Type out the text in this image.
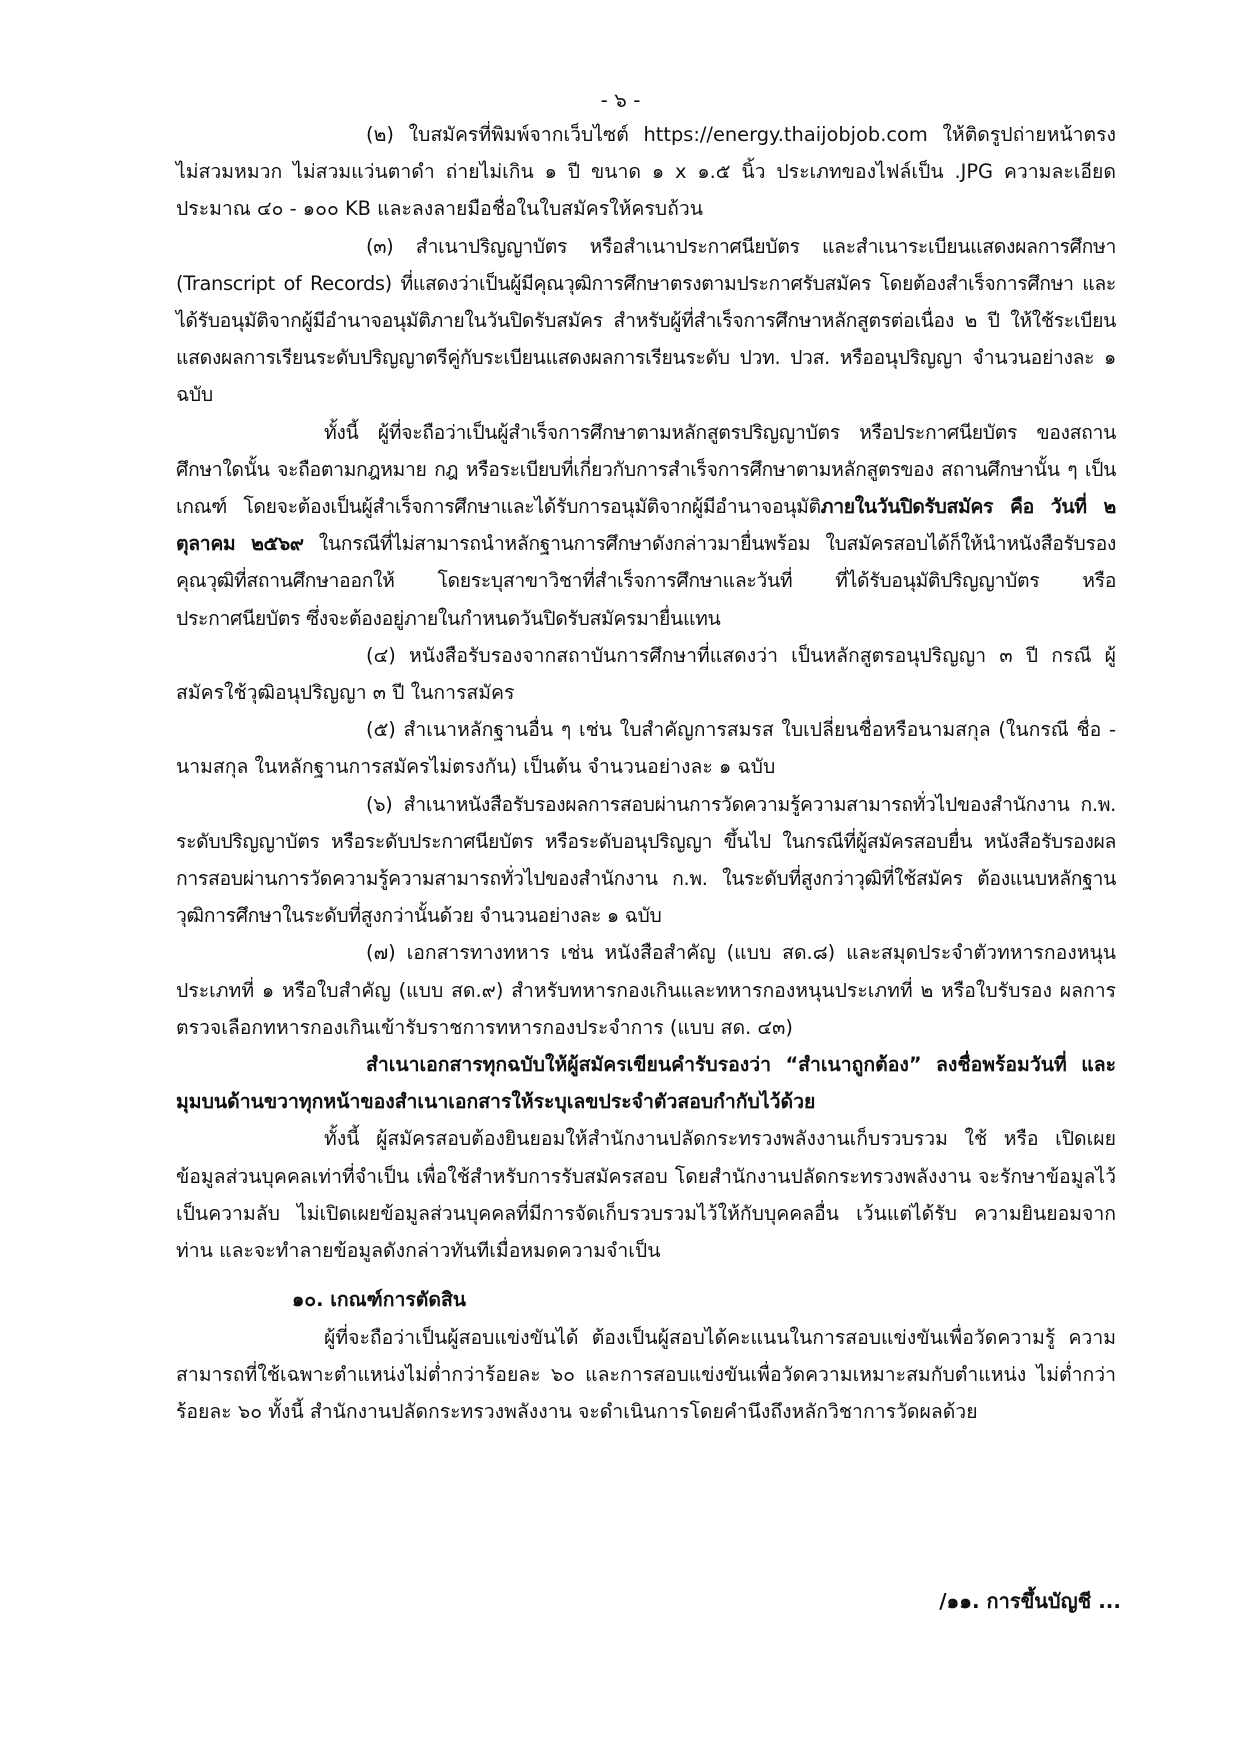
- ๖ -

(๒) ใบสมัครที่พิมพ์จากเว็บไซต์ https://energy.thaijobjob.com ให้ติดรูปถ่ายหน้าตรง ไม่สวมหมวก ไม่สวมแว่นตาดำ ถ่ายไม่เกิน ๑ ปี ขนาด ๑ x ๑.๕ นิ้ว ประเภทของไฟล์เป็น .JPG ความละเอียด ประมาณ ๔๐ - ๑๐๐ KB และลงลายมือชื่อในใบสมัครให้ครบถ้วน

(๓) สำเนาปริญญาบัตร หรือสำเนาประกาศนียบัตร และสำเนาระเบียนแสดงผลการศึกษา (Transcript of Records) ที่แสดงว่าเป็นผู้มีคุณวุฒิการศึกษาตรงตามประกาศรับสมัคร โดยต้องสำเร็จการศึกษา และได้รับอนุมัติจากผู้มีอำนาจอนุมัติภายในวันปิดรับสมัคร สำหรับผู้ที่สำเร็จการศึกษาหลักสูตรต่อเนื่อง ๒ ปี ให้ใช้ระเบียนแสดงผลการเรียนระดับปริญญาตรีคู่กับระเบียนแสดงผลการเรียนระดับ ปวท. ปวส. หรืออนุปริญญา จำนวนอย่างละ ๑ ฉบับ

ทั้งนี้ ผู้ที่จะถือว่าเป็นผู้สำเร็จการศึกษาตามหลักสูตรปริญญาบัตร หรือประกาศนียบัตร ของสถานศึกษาใดนั้น จะถือตามกฎหมาย กฎ หรือระเบียบที่เกี่ยวกับการสำเร็จการศึกษาตามหลักสูตรของ สถานศึกษานั้น ๆ เป็นเกณฑ์ โดยจะต้องเป็นผู้สำเร็จการศึกษาและได้รับการอนุมัติจากผู้มีอำนาจอนุมัติภายในวันปิดรับสมัคร คือ วันที่ ๒ ตุลาคม ๒๕๖๙ ในกรณีที่ไม่สามารถนำหลักฐานการศึกษาดังกล่าวมายื่นพร้อม ใบสมัครสอบได้ก็ให้นำหนังสือรับรองคุณวุฒิที่สถานศึกษาออกให้ โดยระบุสาขาวิชาที่สำเร็จการศึกษาและวันที่ ที่ได้รับอนุมัติปริญญาบัตร หรือประกาศนียบัตร ซึ่งจะต้องอยู่ภายในกำหนดวันปิดรับสมัครมายื่นแทน

(๔) หนังสือรับรองจากสถาบันการศึกษาที่แสดงว่า เป็นหลักสูตรอนุปริญญา ๓ ปี กรณี ผู้สมัครใช้วุฒิอนุปริญญา ๓ ปี ในการสมัคร

(๕) สำเนาหลักฐานอื่น ๆ เช่น ใบสำคัญการสมรส ใบเปลี่ยนชื่อหรือนามสกุล (ในกรณี ชื่อ - นามสกุล ในหลักฐานการสมัครไม่ตรงกัน) เป็นต้น จำนวนอย่างละ ๑ ฉบับ

(๖) สำเนาหนังสือรับรองผลการสอบผ่านการวัดความรู้ความสามารถทั่วไปของสำนักงาน ก.พ. ระดับปริญญาบัตร หรือระดับประกาศนียบัตร หรือระดับอนุปริญญา ขึ้นไป ในกรณีที่ผู้สมัครสอบยื่น หนังสือรับรองผลการสอบผ่านการวัดความรู้ความสามารถทั่วไปของสำนักงาน ก.พ. ในระดับที่สูงกว่าวุฒิที่ใช้สมัคร ต้องแนบหลักฐานวุฒิการศึกษาในระดับที่สูงกว่านั้นด้วย จำนวนอย่างละ ๑ ฉบับ

(๗) เอกสารทางทหาร เช่น หนังสือสำคัญ (แบบ สด.๘) และสมุดประจำตัวทหารกองหนุน ประเภทที่ ๑ หรือใบสำคัญ (แบบ สด.๙) สำหรับทหารกองเกินและทหารกองหนุนประเภทที่ ๒ หรือใบรับรอง ผลการตรวจเลือกทหารกองเกินเข้ารับราชการทหารกองประจำการ (แบบ สด. ๔๓)

สำเนาเอกสารทุกฉบับให้ผู้สมัครเขียนคำรับรองว่า “สำเนาถูกต้อง” ลงชื่อพร้อมวันที่ และมุมบนด้านขวาทุกหน้าของสำเนาเอกสารให้ระบุเลขประจำตัวสอบกำกับไว้ด้วย

ทั้งนี้ ผู้สมัครสอบต้องยินยอมให้สำนักงานปลัดกระทรวงพลังงานเก็บรวบรวม ใช้ หรือ เปิดเผยข้อมูลส่วนบุคคลเท่าที่จำเป็น เพื่อใช้สำหรับการรับสมัครสอบ โดยสำนักงานปลัดกระทรวงพลังงาน จะรักษาข้อมูลไว้เป็นความลับ ไม่เปิดเผยข้อมูลส่วนบุคคลที่มีการจัดเก็บรวบรวมไว้ให้กับบุคคลอื่น เว้นแต่ได้รับ ความยินยอมจากท่าน และจะทำลายข้อมูลดังกล่าวทันทีเมื่อหมดความจำเป็น

๑๐. เกณฑ์การตัดสิน

ผู้ที่จะถือว่าเป็นผู้สอบแข่งขันได้ ต้องเป็นผู้สอบได้คะแนนในการสอบแข่งขันเพื่อวัดความรู้ ความสามารถที่ใช้เฉพาะตำแหน่งไม่ต่ำกว่าร้อยละ ๖๐ และการสอบแข่งขันเพื่อวัดความเหมาะสมกับตำแหน่ง ไม่ต่ำกว่าร้อยละ ๖๐ ทั้งนี้ สำนักงานปลัดกระทรวงพลังงาน จะดำเนินการโดยคำนึงถึงหลักวิชาการวัดผลด้วย

/๑๑. การขึ้นบัญชี ...
